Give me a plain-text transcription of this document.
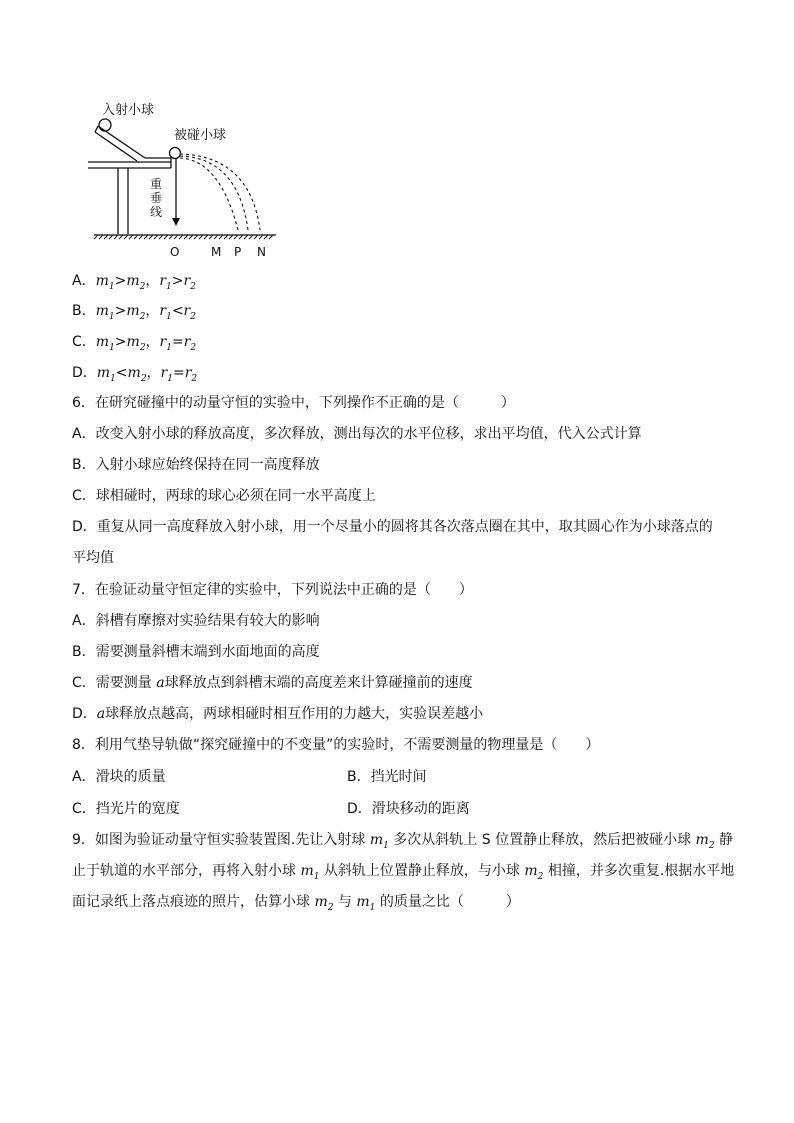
入射小球
被碰小球
重垂线
O	M P N
A．$m_1>m_2$，$r_1>r_2$
B．$m_1>m_2$，$r_1<r_2$
C．$m_1>m_2$，$r_1=r_2$
D．$m_1<m_2$，$r_1=r_2$
6．在研究碰撞中的动量守恒的实验中，下列操作不正确的是（　　　）
A．改变入射小球的释放高度，多次释放，测出每次的水平位移，求出平均值，代入公式计算
B．入射小球应始终保持在同一高度释放
C．球相碰时，两球的球心必须在同一水平高度上
D．重复从同一高度释放入射小球，用一个尽量小的圆将其各次落点圈在其中，取其圆心作为小球落点的
平均值
7．在验证动量守恒定律的实验中，下列说法中正确的是（　　）
A．斜槽有摩擦对实验结果有较大的影响
B．需要测量斜槽末端到水面地面的高度
C．需要测量 a球释放点到斜槽末端的高度差来计算碰撞前的速度
D．a球释放点越高，两球相碰时相互作用的力越大，实验误差越小
8．利用气垫导轨做“探究碰撞中的不变量”的实验时，不需要测量的物理量是（　　）
A．滑块的质量	B．挡光时间
C．挡光片的宽度	D．滑块移动的距离
9．如图为验证动量守恒实验装置图.先让入射球 $m_1$ 多次从斜轨上 S 位置静止释放，然后把被碰小球 $m_2$ 静
止于轨道的水平部分，再将入射小球 $m_1$ 从斜轨上位置静止释放，与小球 $m_2$ 相撞，并多次重复.根据水平地
面记录纸上落点痕迹的照片，估算小球 $m_2$ 与 $m_1$ 的质量之比（　　　）
